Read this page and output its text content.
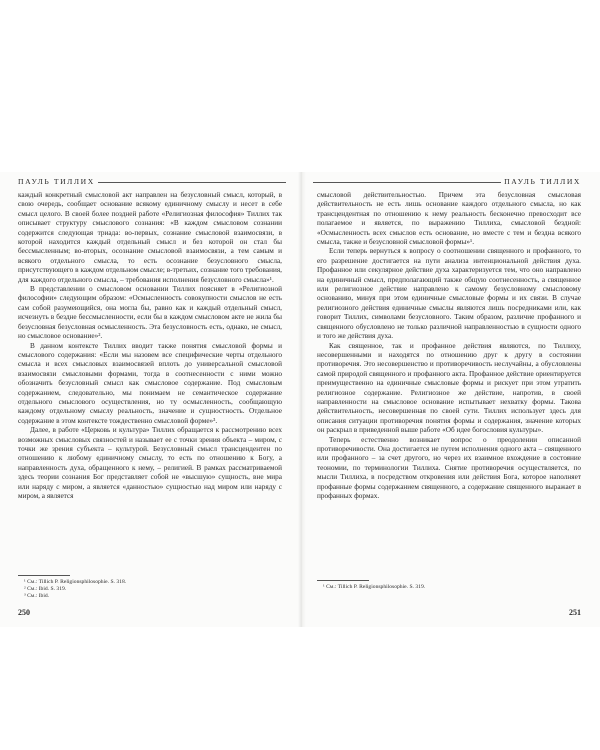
ПАУЛЬ ТИЛЛИХ

каждый конкретный смысловой акт направлен на безусловный смысл, который, в свою очередь, сообщает основание всякому единичному смыслу и несет в себе смысл целого. В своей более поздней работе «Религиозная философия» Тиллих так описывает структуру смыслового сознания: «В каждом смысловом сознании содержится следующая триада: во-первых, сознание смысловой взаимосвязи, в которой находится каждый отдельный смысл и без которой он стал бы бессмысленным; во-вторых, осознание смысловой взаимосвязи, а тем самым и всякого отдельного смысла, то есть осознание безусловного смысла, присутствующего в каждом отдельном смысле; в-третьих, сознание того требования, для каждого отдельного смысла, – требования исполнения безусловного смысла»¹.

В представлении о смысловом основании Тиллих поясняет в «Религиозной философии» следующим образом: «Осмысленность совокупности смыслов не есть сам собой разумеющийся, она могла бы, равно как и каждый отдельный смысл, исчезнуть в бездне бессмысленности, если бы в каждом смысловом акте не жила бы безусловная безусловная осмысленность. Эта безусловность есть, однако, не смысл, но смысловое основание»².

В данном контексте Тиллих вводит также понятия смысловой формы и смыслового содержания: «Если мы назовем все специфические черты отдельного смысла и всех смысловых взаимосвязей вплоть до универсальной смысловой взаимосвязи смысловыми формами, тогда в соотнесенности с ними можно обозначить безусловный смысл как смысловое содержание. Под смысловым содержанием, следовательно, мы понимаем не семантическое содержание отдельного смыслового осуществления, но ту осмысленность, сообщающую каждому отдельному смыслу реальность, значение и сущностность. Отдельное содержание в этом контексте тождественно смысловой форме»³.

Далее, в работе «Церковь и культура» Тиллих обращается к рассмотрению всех возможных смысловых связностей и называет ее с точки зрения объекта – миром, с точки же зрения субъекта – культурой. Безусловный смысл трансцендентен по отношению к любому единичному смыслу, то есть по отношению к Богу, а направленность духа, обращенного к нему, – религией. В рамках рассматриваемой здесь теории сознания Бог представляет собой не «высшую» сущность, вне мира или наряду с миром, а является «данностью» сущностью над миром или наряду с миром, а является

¹ См.: Tillich P. Religionsphilosophie. S. 318.
² См.: Ibid. S. 319.
³ См.: Ibid.
250
ПАУЛЬ ТИЛЛИХ

смысловой действительностью. Причем эта безусловная смысловая действительность не есть лишь основание каждого отдельного смысла, но как трансцендентная по отношению к нему реальность бесконечно превосходит все полагаемое и является, по выражению Тиллиха, смысловой бездной: «Осмысленность всех смыслов есть основание, но вместе с тем и бездна всякого смысла, также и безусловной смысловой формы»¹.

Если теперь вернуться к вопросу о соотношении священного и профанного, то его разрешение достигается на пути анализа интенциональной действия духа. Профанное или секулярное действие духа характеризуется тем, что оно направлено на единичный смысл, предполагающий также общую соотнесенность, а священное или религиозное действие направлено к самому безусловному смысловому основанию, минуя при этом единичные смысловые формы и их связи. В случае религиозного действия единичные смыслы являются лишь посредниками или, как говорит Тиллих, символами безусловного. Таким образом, различие профанного и священного обусловлено не только различной направленностью в сущности одного и того же действия духа.

Как священное, так и профанное действия являются, по Тиллиху, несовершенными и находятся по отношению друг к другу в состоянии противоречия. Это несовершенство и противоречивость неслучайны, а обусловлены самой природой священного и профанного акта. Профанное действие ориентируется преимущественно на единичные смысловые формы и рискует при этом утратить религиозное содержание. Религиозное же действие, напротив, в своей направленности на смысловое основание испытывает нехватку формы. Такова действительность, несовершенная по своей сути. Тиллих использует здесь для описания ситуации противоречия понятия формы и содержания, значение которых он раскрыл в приведенной выше работе «Об идее богословия культуры».

Теперь естественно возникает вопрос о преодолении описанной противоречивости. Она достигается не путем исполнения одного акта – священного или профанного – за счет другого, но через их взаимное вхождение в состояние теономии, по терминологии Тиллиха. Снятие противоречия осуществляется, по мысли Тиллиха, в посредством откровения или действия Бога, которое наполняет профанные формы содержанием священного, а содержание священного выражает в профанных формах.

¹ См.: Tillich P. Religionsphilosophie. S. 319.
251
